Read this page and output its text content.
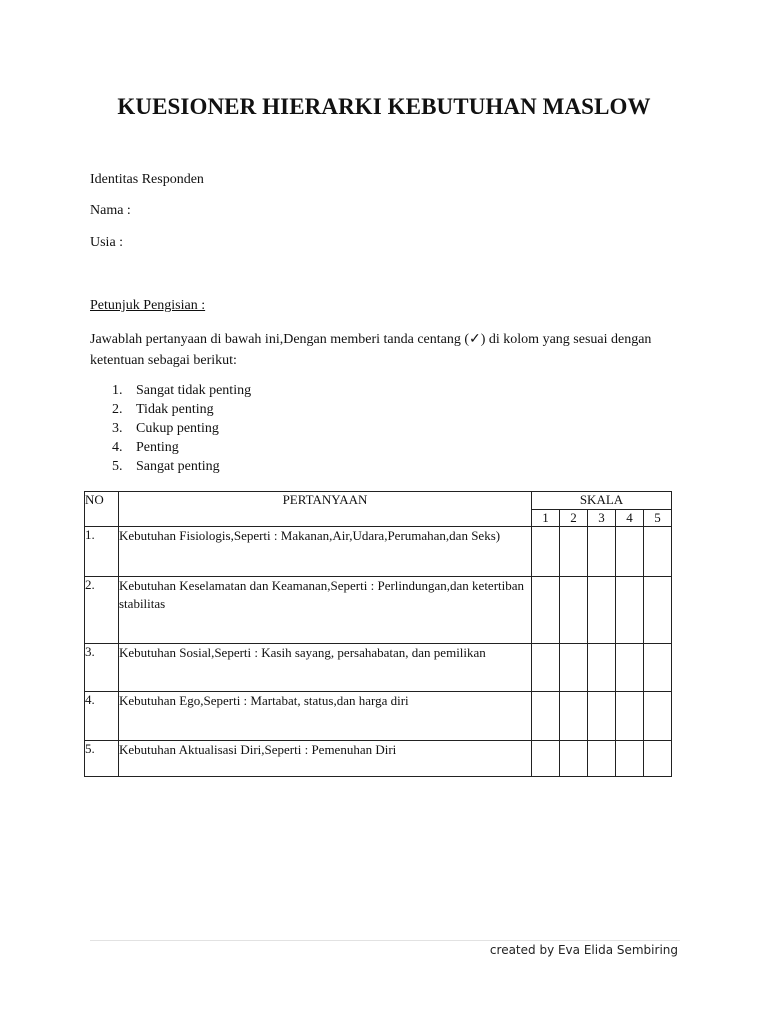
KUESIONER HIERARKI KEBUTUHAN MASLOW
Identitas Responden
Nama :
Usia :
Petunjuk Pengisian :
Jawablah pertanyaan di bawah ini,Dengan memberi tanda centang (✓) di kolom yang sesuai dengan ketentuan sebagai berikut:
1. Sangat tidak penting
2. Tidak penting
3. Cukup penting
4. Penting
5. Sangat penting
NO	PERTANYAAN	SKALA				
		1	2	3	4	5
1.	Kebutuhan Fisiologis,Seperti : Makanan,Air,Udara,Perumahan,dan Seks)					
2.	Kebutuhan Keselamatan dan Keamanan,Seperti : Perlindungan,dan ketertiban stabilitas					
3.	Kebutuhan Sosial,Seperti : Kasih sayang, persahabatan, dan pemilikan					
4.	Kebutuhan Ego,Seperti : Martabat, status,dan harga diri					
5.	Kebutuhan Aktualisasi Diri,Seperti : Pemenuhan Diri					
created by Eva Elida Sembiring
